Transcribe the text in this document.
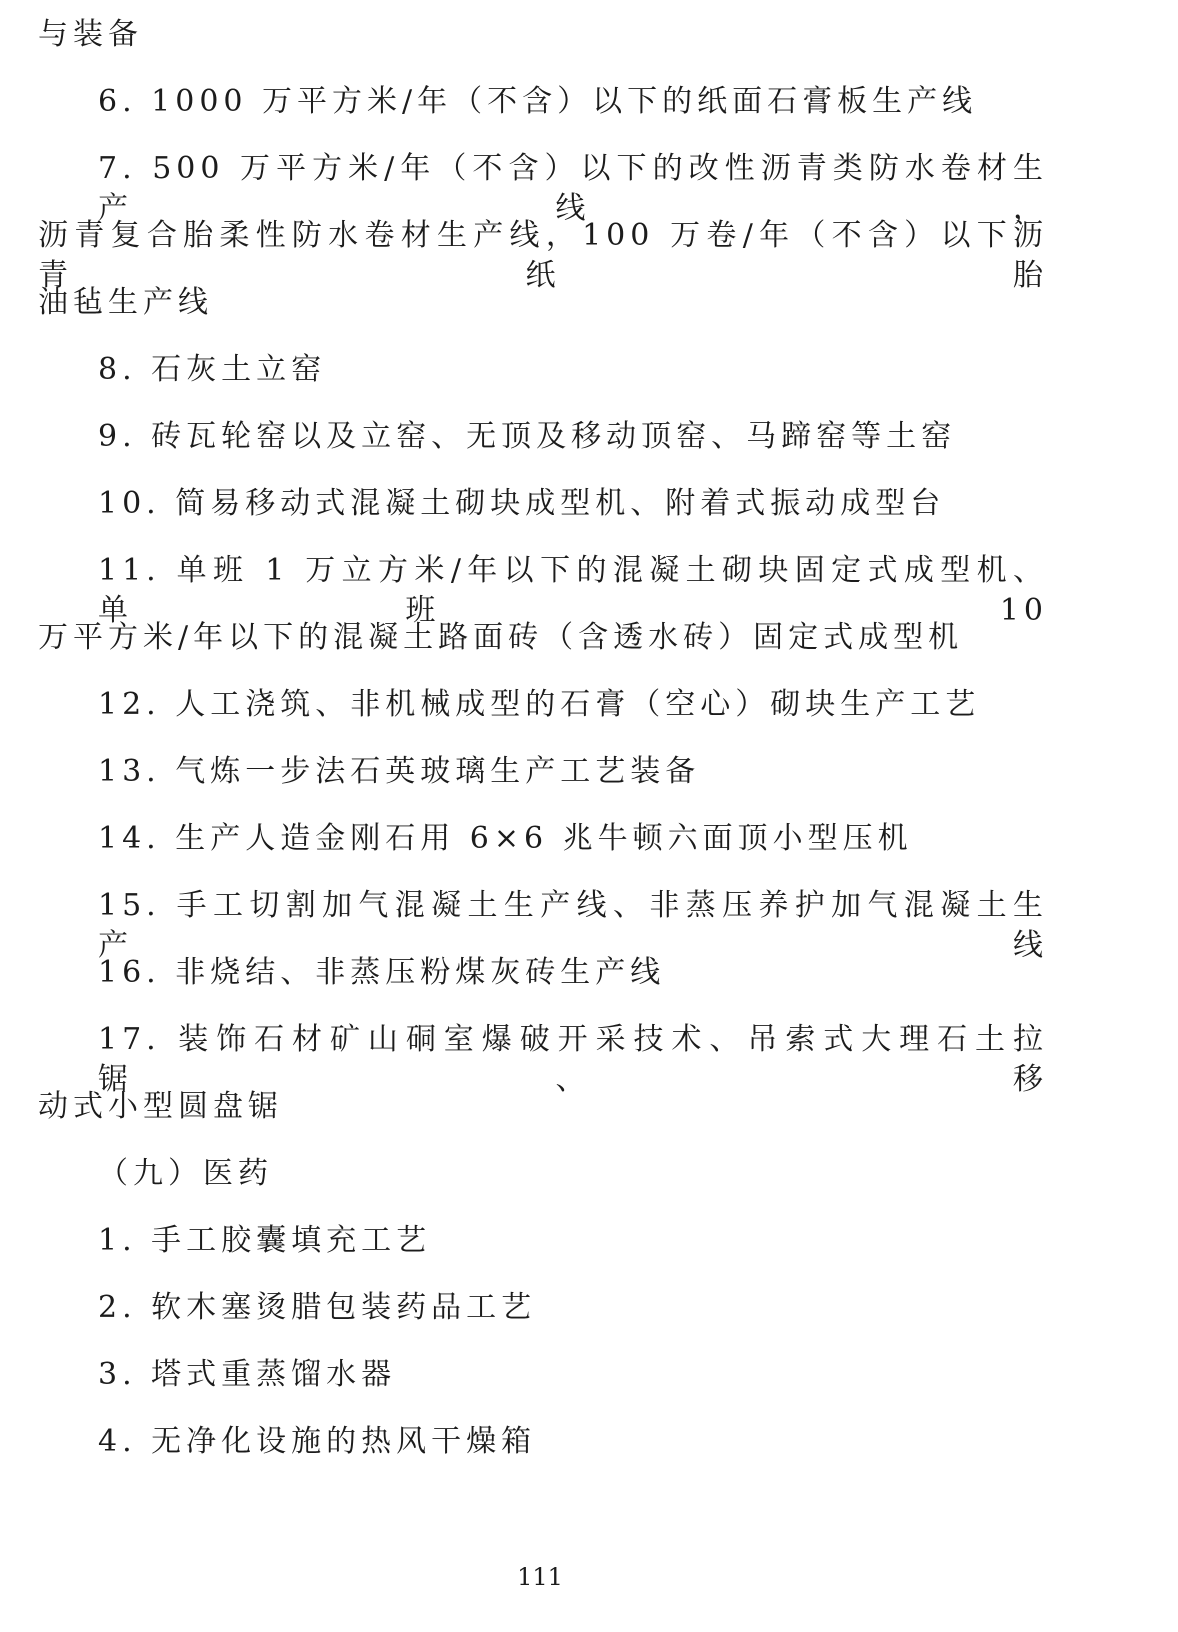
与装备
6. 1000 万平方米/年（不含）以下的纸面石膏板生产线
7. 500 万平方米/年（不含）以下的改性沥青类防水卷材生产线，
沥青复合胎柔性防水卷材生产线，100 万卷/年（不含）以下沥青纸胎
油毡生产线
8. 石灰土立窑
9. 砖瓦轮窑以及立窑、无顶及移动顶窑、马蹄窑等土窑
10. 简易移动式混凝土砌块成型机、附着式振动成型台
11. 单班 1 万立方米/年以下的混凝土砌块固定式成型机、单班 10
万平方米/年以下的混凝土路面砖（含透水砖）固定式成型机
12. 人工浇筑、非机械成型的石膏（空心）砌块生产工艺
13. 气炼一步法石英玻璃生产工艺装备
14. 生产人造金刚石用 6×6 兆牛顿六面顶小型压机
15. 手工切割加气混凝土生产线、非蒸压养护加气混凝土生产线
16. 非烧结、非蒸压粉煤灰砖生产线
17. 装饰石材矿山硐室爆破开采技术、吊索式大理石土拉锯、移
动式小型圆盘锯
（九）医药
1. 手工胶囊填充工艺
2. 软木塞烫腊包装药品工艺
3. 塔式重蒸馏水器
4. 无净化设施的热风干燥箱
111
